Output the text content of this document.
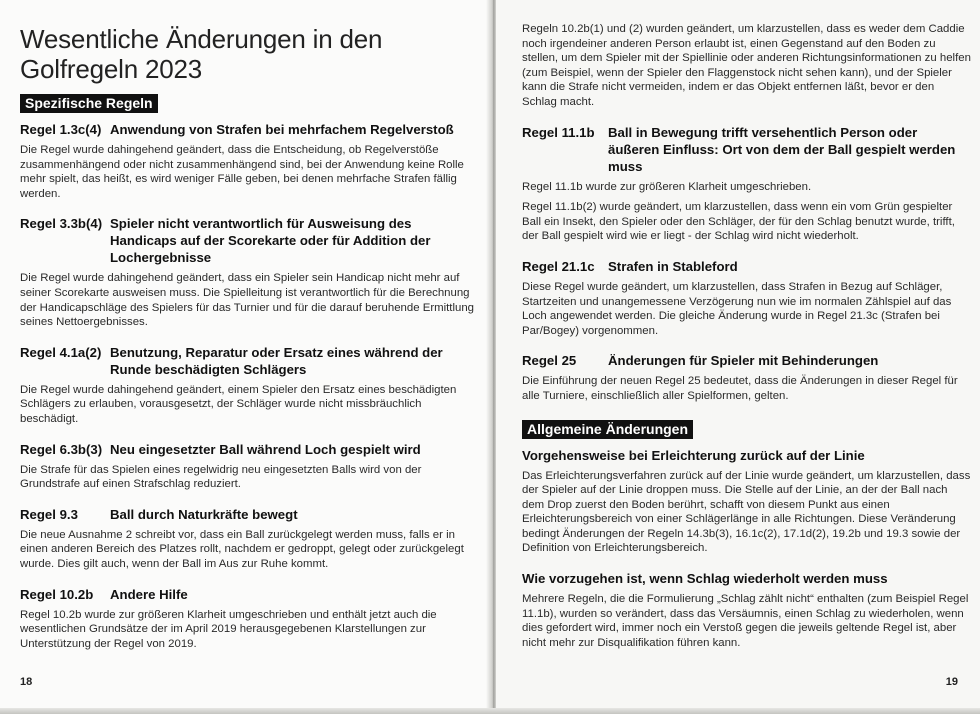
Wesentliche Änderungen in den
Golfregeln 2023
Spezifische Regeln
Regel 1.3c(4) Anwendung von Strafen bei mehrfachem Regelverstoß

Die Regel wurde dahingehend geändert, dass die Entscheidung, ob Regelverstöße zusammenhängend oder nicht zusammenhängend sind, bei der Anwendung keine Rolle mehr spielt, das heißt, es wird weniger Fälle geben, bei denen mehrfache Strafen fällig werden.

Regel 3.3b(4) Spieler nicht verantwortlich für Ausweisung des Handicaps auf der Scorekarte oder für Addition der Lochergebnisse

Die Regel wurde dahingehend geändert, dass ein Spieler sein Handicap nicht mehr auf seiner Scorekarte ausweisen muss. Die Spielleitung ist verantwortlich für die Berechnung der Handicapschläge des Spielers für das Turnier und für die darauf beruhende Ermittlung seines Nettoergebnisses.

Regel 4.1a(2) Benutzung, Reparatur oder Ersatz eines während der Runde beschädigten Schlägers

Die Regel wurde dahingehend geändert, einem Spieler den Ersatz eines beschädigten Schlägers zu erlauben, vorausgesetzt, der Schläger wurde nicht missbräuchlich beschädigt.

Regel 6.3b(3) Neu eingesetzter Ball während Loch gespielt wird

Die Strafe für das Spielen eines regelwidrig neu eingesetzten Balls wird von der Grundstrafe auf einen Strafschlag reduziert.

Regel 9.3	Ball durch Naturkräfte bewegt

Die neue Ausnahme 2 schreibt vor, dass ein Ball zurückgelegt werden muss, falls er in einen anderen Bereich des Platzes rollt, nachdem er gedroppt, gelegt oder zurückgelegt wurde. Dies gilt auch, wenn der Ball im Aus zur Ruhe kommt.

Regel 10.2b	Andere Hilfe

Regel 10.2b wurde zur größeren Klarheit umgeschrieben und enthält jetzt auch die wesentlichen Grundsätze der im April 2019 herausgegebenen Klarstellungen zur Unterstützung der Regel von 2019.

18

Regeln 10.2b(1) und (2) wurden geändert, um klarzustellen, dass es weder dem Caddie noch irgendeiner anderen Person erlaubt ist, einen Gegenstand auf den Boden zu stellen, um dem Spieler mit der Spiellinie oder anderen Richtungsinformationen zu helfen (zum Beispiel, wenn der Spieler den Flaggenstock nicht sehen kann), und der Spieler kann die Strafe nicht vermeiden, indem er das Objekt entfernen läßt, bevor er den Schlag macht.

Regel 11.1b	Ball in Bewegung trifft versehentlich Person oder äußeren Einfluss: Ort von dem der Ball gespielt werden muss

Regel 11.1b wurde zur größeren Klarheit umgeschrieben.

Regel 11.1b(2) wurde geändert, um klarzustellen, dass wenn ein vom Grün gespielter Ball ein Insekt, den Spieler oder den Schläger, der für den Schlag benutzt wurde, trifft, der Ball gespielt wird wie er liegt - der Schlag wird nicht wiederholt.

Regel 21.1c	Strafen in Stableford

Diese Regel wurde geändert, um klarzustellen, dass Strafen in Bezug auf Schläger, Startzeiten und unangemessene Verzögerung nun wie im normalen Zählspiel auf das Loch angewendet werden. Die gleiche Änderung wurde in Regel 21.3c (Strafen bei Par/Bogey) vorgenommen.

Regel 25	Änderungen für Spieler mit Behinderungen

Die Einführung der neuen Regel 25 bedeutet, dass die Änderungen in dieser Regel für alle Turniere, einschließlich aller Spielformen, gelten.

Allgemeine Änderungen
Vorgehensweise bei Erleichterung zurück auf der Linie

Das Erleichterungsverfahren zurück auf der Linie wurde geändert, um klarzustellen, dass der Spieler auf der Linie droppen muss. Die Stelle auf der Linie, an der der Ball nach dem Drop zuerst den Boden berührt, schafft von diesem Punkt aus einen Erleichterungsbereich von einer Schlägerlänge in alle Richtungen. Diese Veränderung bedingt Änderungen der Regeln 14.3b(3), 16.1c(2), 17.1d(2), 19.2b und 19.3 sowie der Definition von Erleichterungsbereich.

Wie vorzugehen ist, wenn Schlag wiederholt werden muss

Mehrere Regeln, die die Formulierung „Schlag zählt nicht“ enthalten (zum Beispiel Regel 11.1b), wurden so verändert, dass das Versäumnis, einen Schlag zu wiederholen, wenn dies gefordert wird, immer noch ein Verstoß gegen die jeweils geltende Regel ist, aber nicht mehr zur Disqualifikation führen kann.

19
